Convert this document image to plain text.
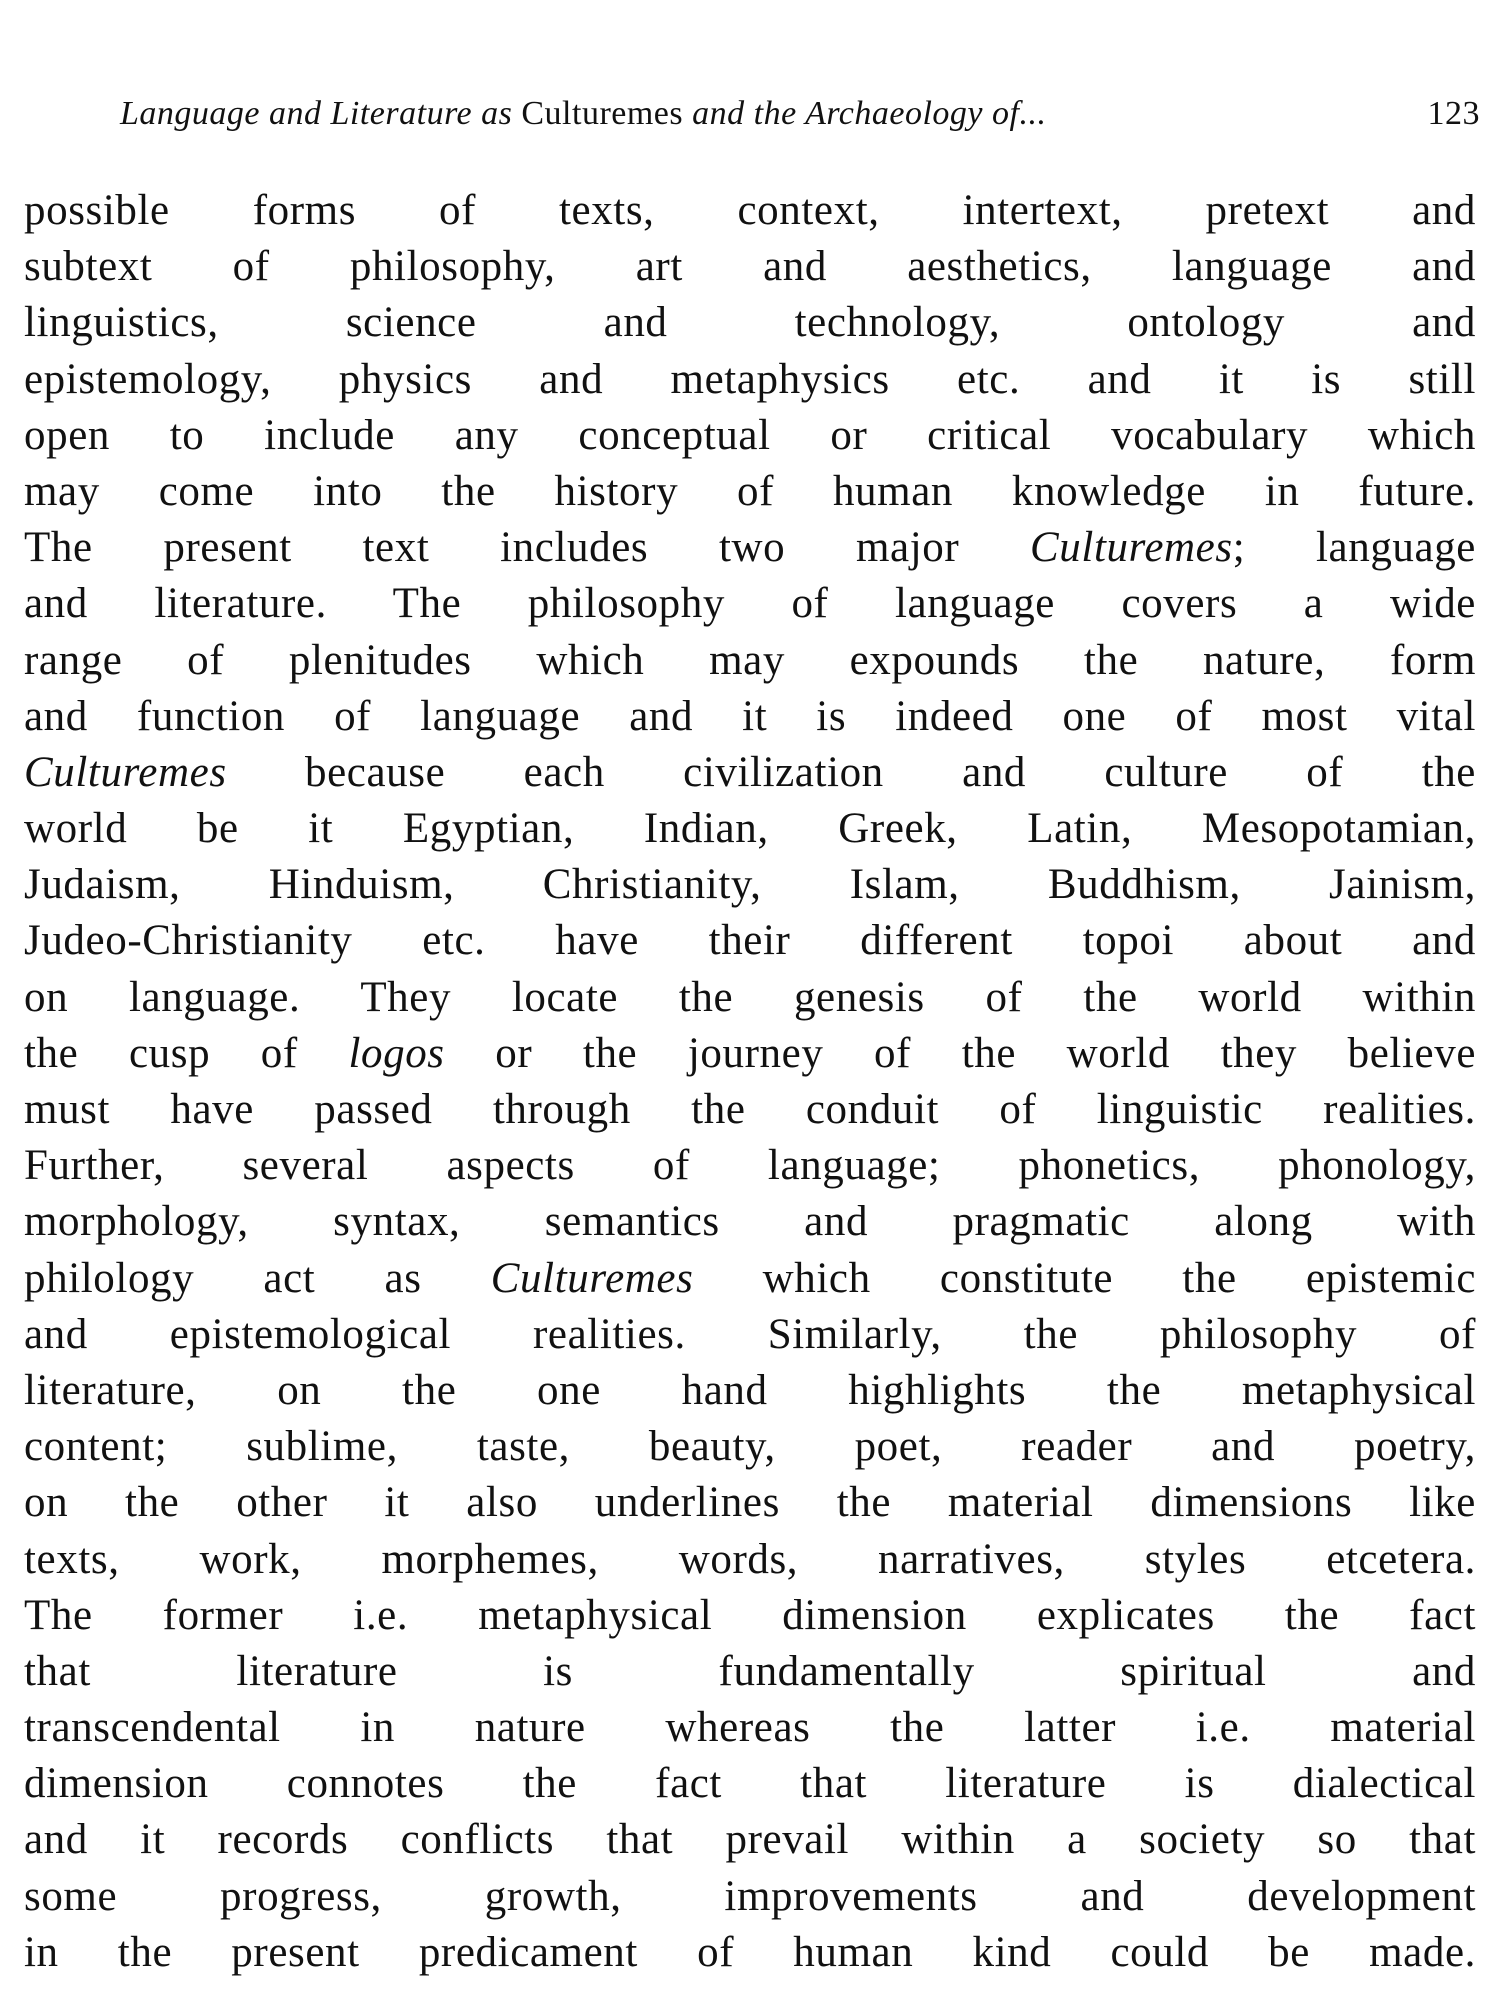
Language and Literature as Culturemes and the Archaeology of...	123
possible forms of texts, context, intertext, pretext and
subtext of philosophy, art and aesthetics, language and
linguistics, science and technology, ontology and
epistemology, physics and metaphysics etc. and it is still
open to include any conceptual or critical vocabulary which
may come into the history of human knowledge in future.
The present text includes two major Culturemes; language
and literature. The philosophy of language covers a wide
range of plenitudes which may expounds the nature, form
and function of language and it is indeed one of most vital
Culturemes because each civilization and culture of the
world be it Egyptian, Indian, Greek, Latin, Mesopotamian,
Judaism, Hinduism, Christianity, Islam, Buddhism, Jainism,
Judeo-Christianity etc. have their different topoi about and
on language. They locate the genesis of the world within
the cusp of logos or the journey of the world they believe
must have passed through the conduit of linguistic realities.
Further, several aspects of language; phonetics, phonology,
morphology, syntax, semantics and pragmatic along with
philology act as Culturemes which constitute the epistemic
and epistemological realities. Similarly, the philosophy of
literature, on the one hand highlights the metaphysical
content; sublime, taste, beauty, poet, reader and poetry,
on the other it also underlines the material dimensions like
texts, work, morphemes, words, narratives, styles etcetera.
The former i.e. metaphysical dimension explicates the fact
that literature is fundamentally spiritual and
transcendental in nature whereas the latter i.e. material
dimension connotes the fact that literature is dialectical
and it records conflicts that prevail within a society so that
some progress, growth, improvements and development
in the present predicament of human kind could be made.
